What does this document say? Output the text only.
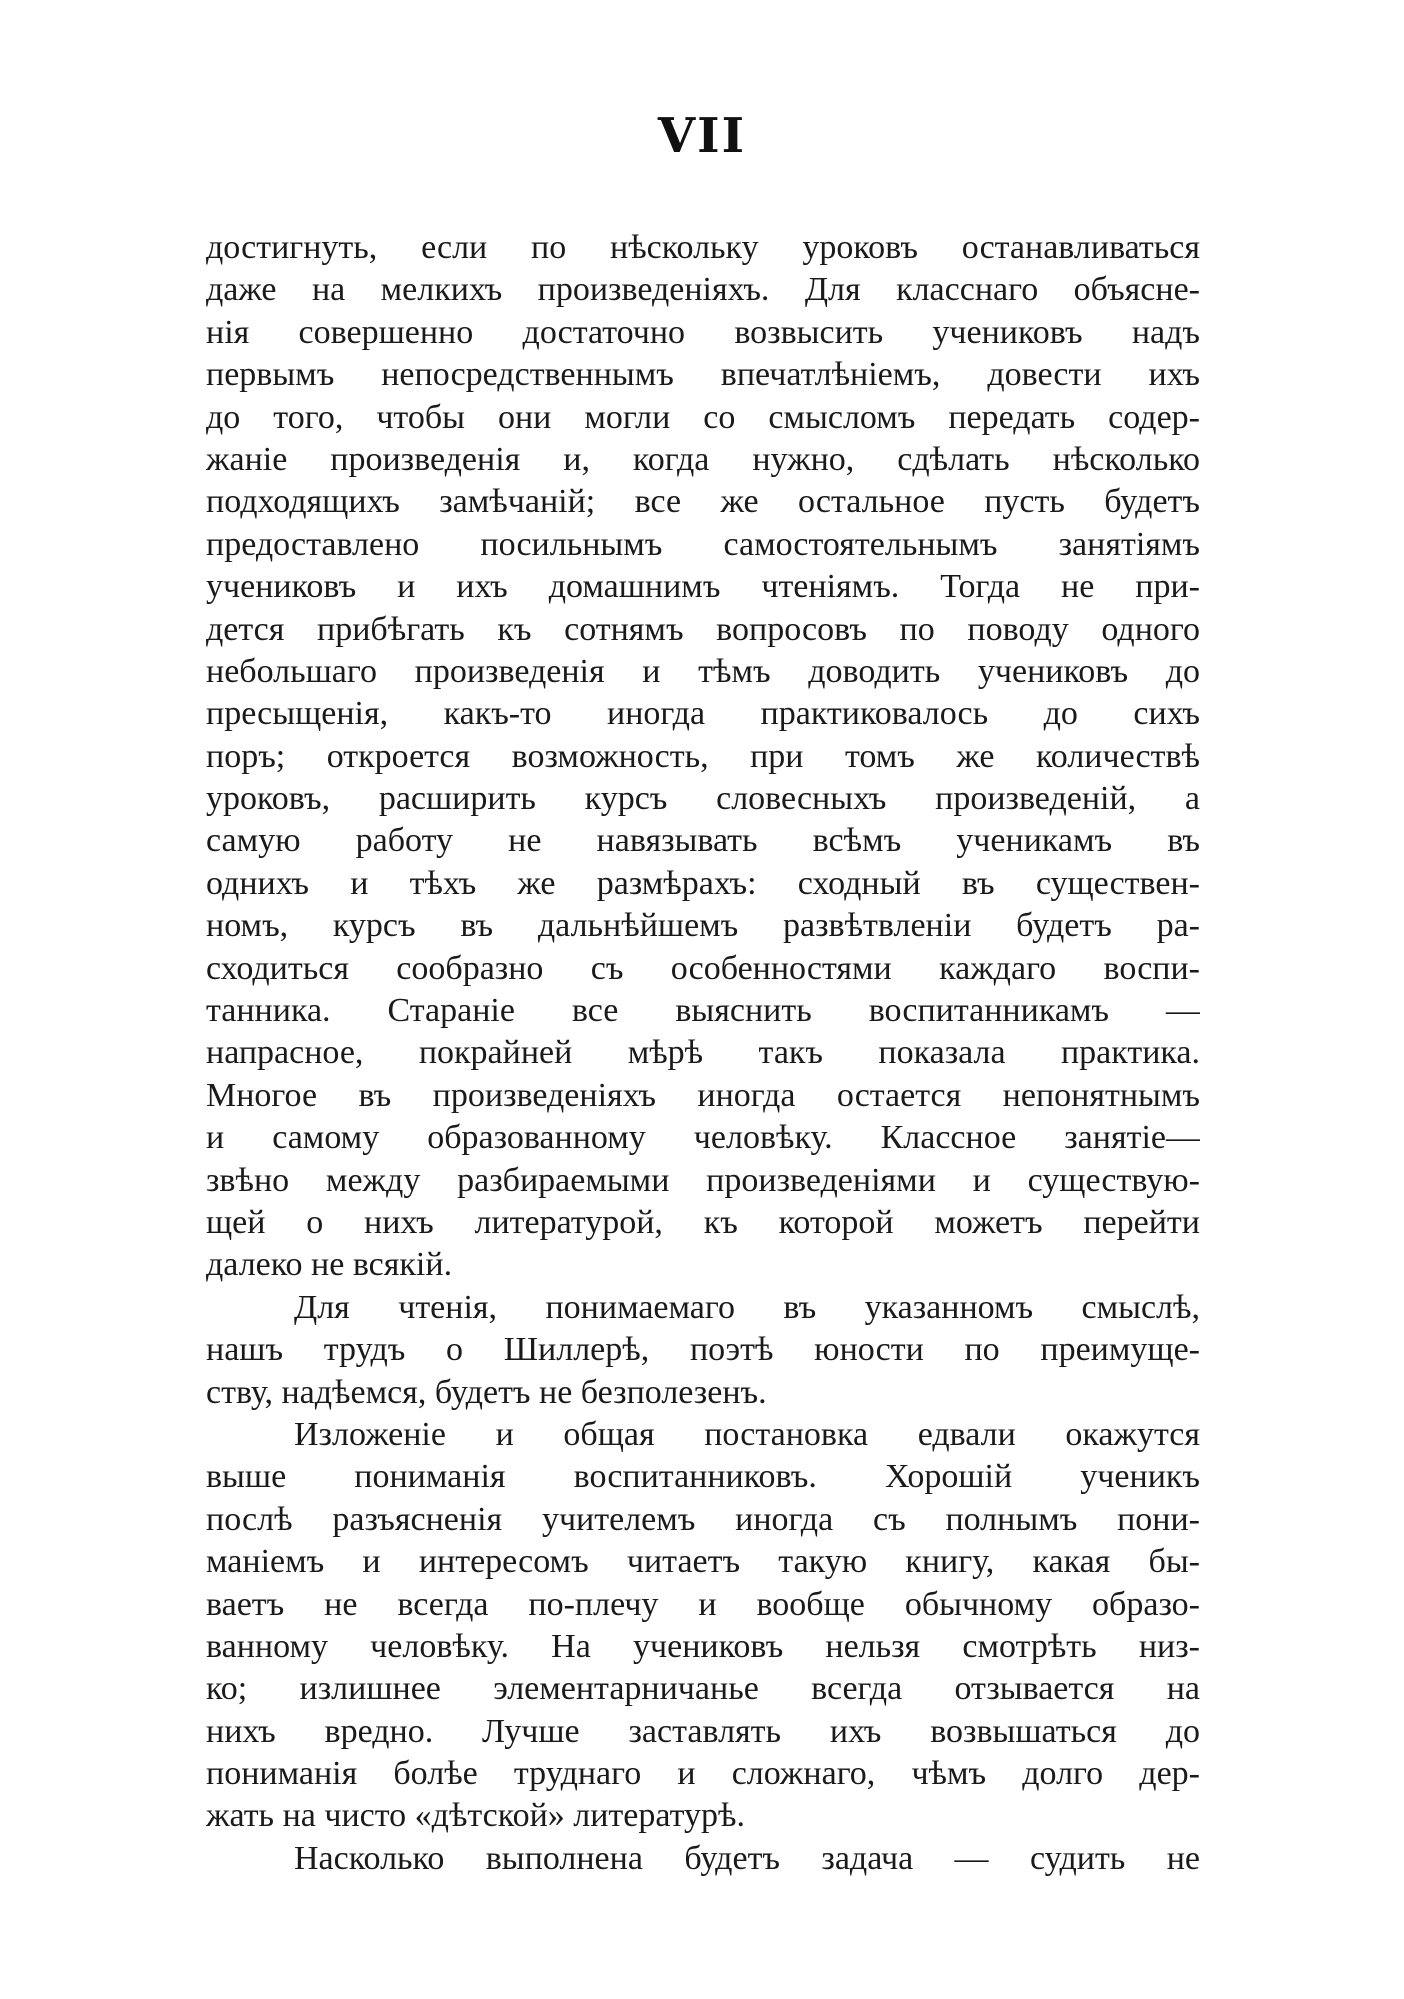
VII
достигнуть, если по нѣскольку уроковъ останавливаться
даже на мелкихъ произведеніяхъ. Для класснаго объясне-
нія совершенно достаточно возвысить учениковъ надъ
первымъ непосредственнымъ впечатлѣніемъ, довести ихъ
до того, чтобы они могли со смысломъ передать содер-
жаніе произведенія и, когда нужно, сдѣлать нѣсколько
подходящихъ замѣчаній; все же остальное пусть будетъ
предоставлено посильнымъ самостоятельнымъ занятіямъ
учениковъ и ихъ домашнимъ чтеніямъ. Тогда не при-
дется прибѣгать къ сотнямъ вопросовъ по поводу одного
небольшаго произведенія и тѣмъ доводить учениковъ до
пресыщенія, какъ-то иногда практиковалось до сихъ
поръ; откроется возможность, при томъ же количествѣ
уроковъ, расширить курсъ словесныхъ произведеній, а
самую работу не навязывать всѣмъ ученикамъ въ
однихъ и тѣхъ же размѣрахъ: сходный въ существен-
номъ, курсъ въ дальнѣйшемъ развѣтвленіи будетъ ра-
сходиться сообразно съ особенностями каждаго воспи-
танника. Стараніе все выяснить воспитанникамъ —
напрасное, покрайней мѣрѣ такъ показала практика.
Многое въ произведеніяхъ иногда остается непонятнымъ
и самому образованному человѣку. Классное занятіе—
звѣно между разбираемыми произведеніями и существую-
щей о нихъ литературой, къ которой можетъ перейти
далеко не всякій.
Для чтенія, понимаемаго въ указанномъ смыслѣ,
нашъ трудъ о Шиллерѣ, поэтѣ юности по преимуще-
ству, надѣемся, будетъ не безполезенъ.
Изложеніе и общая постановка едвали окажутся
выше пониманія воспитанниковъ. Хорошій ученикъ
послѣ разъясненія учителемъ иногда съ полнымъ пони-
маніемъ и интересомъ читаетъ такую книгу, какая бы-
ваетъ не всегда по-плечу и вообще обычному образо-
ванному человѣку. На учениковъ нельзя смотрѣть низ-
ко; излишнее элементарничанье всегда отзывается на
нихъ вредно. Лучше заставлять ихъ возвышаться до
пониманія болѣе труднаго и сложнаго, чѣмъ долго дер-
жать на чисто «дѣтской» литературѣ.
Насколько выполнена будетъ задача — судить не
